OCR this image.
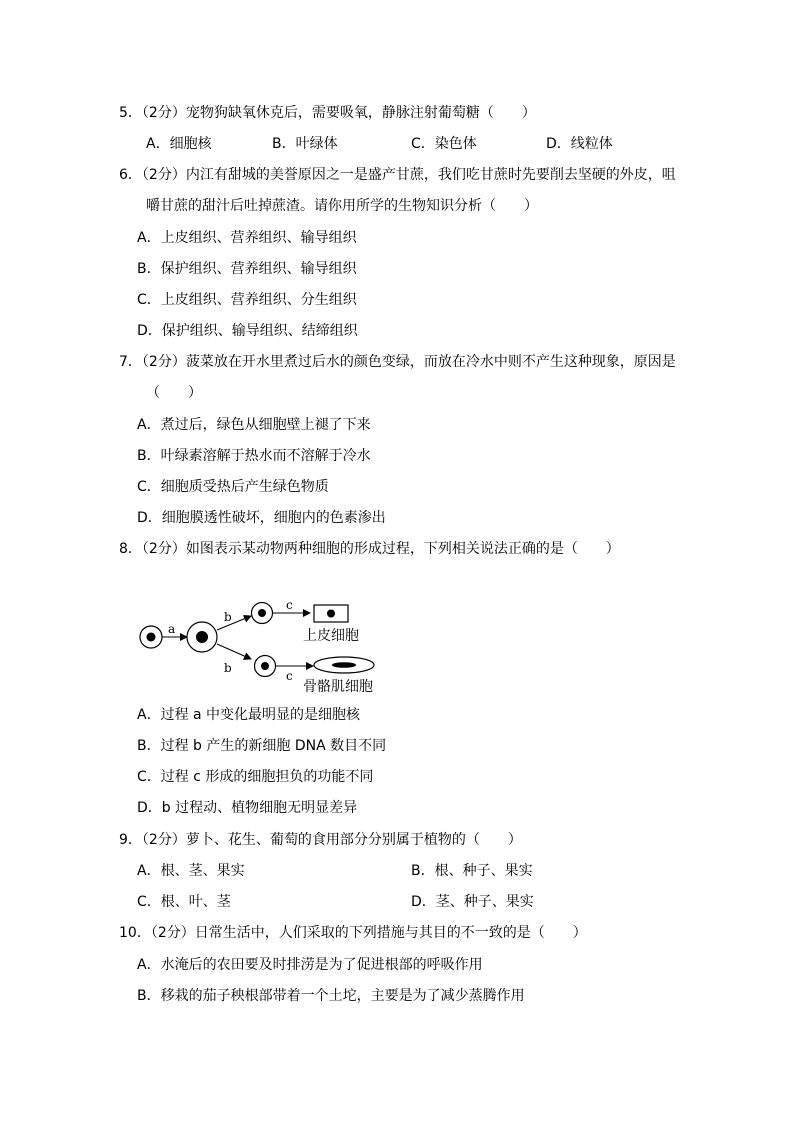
5．（2分）宠物狗缺氧休克后，需要吸氧，静脉注射葡萄糖（　　）
A．细胞核	B．叶绿体	C．染色体	D．线粒体
6．（2分）内江有甜城的美誉原因之一是盛产甘蔗，我们吃甘蔗时先要削去坚硬的外皮，咀
嚼甘蔗的甜汁后吐掉蔗渣。请你用所学的生物知识分析（　　）
A．上皮组织、营养组织、输导组织
B．保护组织、营养组织、输导组织
C．上皮组织、营养组织、分生组织
D．保护组织、输导组织、结缔组织
7．（2分）菠菜放在开水里煮过后水的颜色变绿，而放在冷水中则不产生这种现象，原因是
（　　）
A．煮过后，绿色从细胞壁上褪了下来
B．叶绿素溶解于热水而不溶解于冷水
C．细胞质受热后产生绿色物质
D．细胞膜透性破坏，细胞内的色素渗出
8．（2分）如图表示某动物两种细胞的形成过程，下列相关说法正确的是（　　）
a
b
b
c
c
上皮细胞
骨骼肌细胞
A．过程 a 中变化最明显的是细胞核
B．过程 b 产生的新细胞 DNA 数目不同
C．过程 c 形成的细胞担负的功能不同
D．b 过程动、植物细胞无明显差异
9．（2分）萝卜、花生、葡萄的食用部分分别属于植物的（　　）
A．根、茎、果实	B．根、种子、果实
C．根、叶、茎	D．茎、种子、果实
10．（2分）日常生活中，人们采取的下列措施与其目的不一致的是（　　）
A．水淹后的农田要及时排涝是为了促进根部的呼吸作用
B．移栽的茄子秧根部带着一个土坨，主要是为了减少蒸腾作用
